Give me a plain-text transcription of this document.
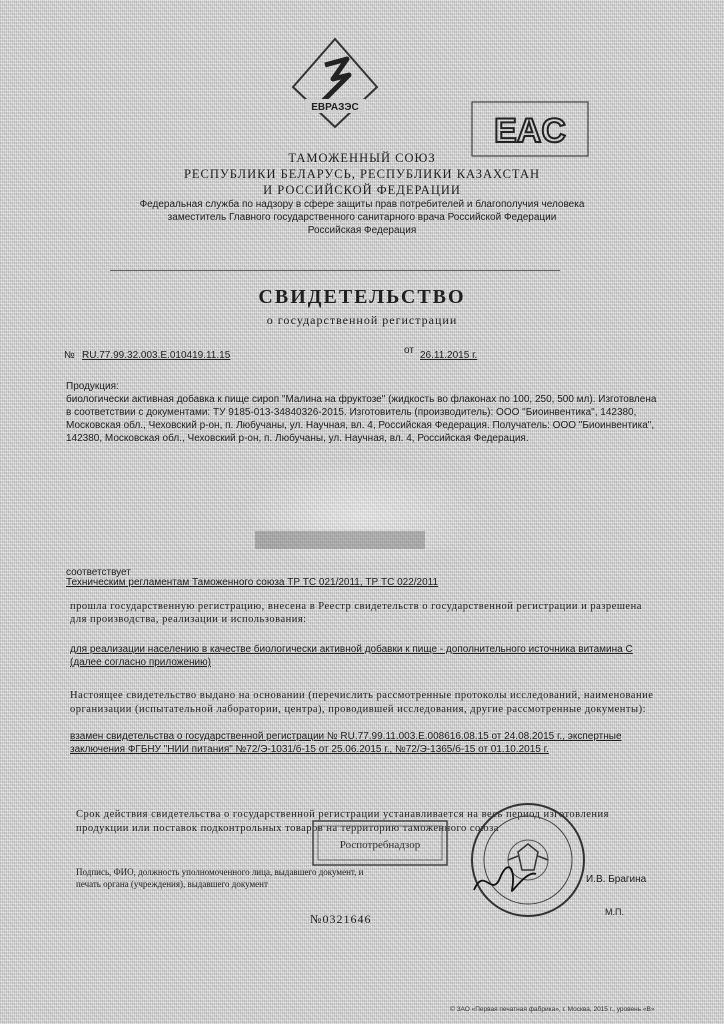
ЕВРАЗЭС
EAC
ТАМОЖЕННЫЙ СОЮЗ
РЕСПУБЛИКИ БЕЛАРУСЬ, РЕСПУБЛИКИ КАЗАХСТАН
И РОССИЙСКОЙ ФЕДЕРАЦИИ
Федеральная служба по надзору в сфере защиты прав потребителей и благополучия человека
заместитель Главного государственного санитарного врача Российской Федерации
Российская Федерация
СВИДЕТЕЛЬСТВО
о государственной регистрации
№ RU.77.99.32.003.E.010419.11.15	от 26.11.2015 г.
Продукция:
биологически активная добавка к пище сироп "Малина на фруктозе" (жидкость во флаконах по 100, 250, 500 мл). Изготовлена в соответствии с документами: ТУ 9185-013-34840326-2015. Изготовитель (производитель): ООО "Биоинвентика", 142380, Московская обл., Чеховский р-он, п. Любучаны, ул. Научная, вл. 4, Российская Федерация. Получатель: ООО "Биоинвентика", 142380, Московская обл., Чеховский р-он, п. Любучаны, ул. Научная, вл. 4, Российская Федерация.
соответствует
Техническим регламентам Таможенного союза ТР ТС 021/2011, ТР ТС 022/2011
прошла государственную регистрацию, внесена в Реестр свидетельств о государственной регистрации и разрешена для производства, реализации и использования:
для реализации населению в качестве биологически активной добавки к пище - дополнительного источника витамина С (далее согласно приложению)
Настоящее свидетельство выдано на основании (перечислить рассмотренные протоколы исследований, наименование организации (испытательной лаборатории, центра), проводившей исследования, другие рассмотренные документы):
взамен свидетельства о государственной регистрации № RU.77.99.11.003.E.008616.08.15 от 24.08.2015 г., экспертные заключения ФГБНУ "НИИ питания" №72/Э-1031/б-15 от 25.06.2015 г., №72/Э-1365/б-15 от 01.10.2015 г.
Срок действия свидетельства о государственной регистрации устанавливается на весь период изготовления продукции или поставок подконтрольных товаров на территорию таможенного союза
Роспотребнадзор
Подпись, ФИО, должность уполномоченного лица, выдавшего документ, и печать органа (учреждения), выдавшего документ	И.В. Брагина
М.П.
№0321646
© ЗАО «Первая печатная фабрика», г. Москва, 2015 г., уровень «В»
